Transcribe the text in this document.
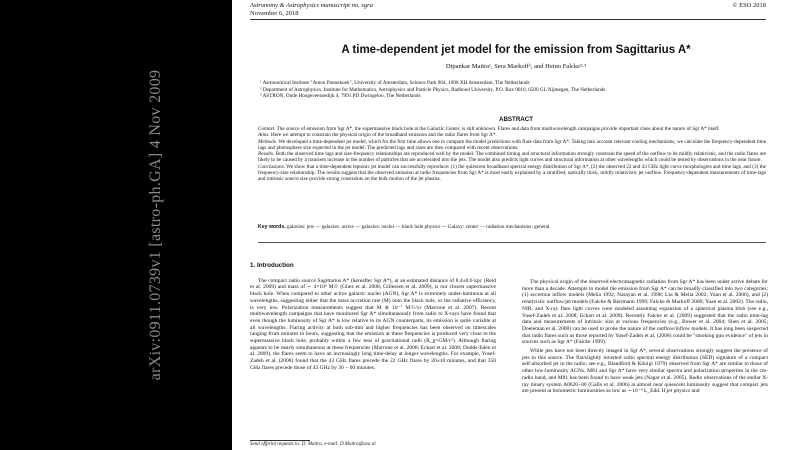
arXiv:0911.0739v1 [astro-ph.GA] 4 Nov 2009
Astronomy & Astrophysics manuscript no. sgra
November 6, 2018
© ESO 2018
A time-dependent jet model for the emission from Sagittarius A*
Dipankar Maitra¹, Sera Markoff¹, and Heino Falcke²·³
¹ Astronomical Institute "Anton Pannekoek", University of Amsterdam, Science Park 904, 1098 XH Amsterdam, The Netherlands
² Department of Astrophysics, Institute for Mathematics, Astrophysics and Particle Physics, Radboud University, P.O. Box 9010, 6500 GL Nijmegen, The Netherlands
³ ASTRON, Oude Hoogeveensedijk 4, 7991 PD Dwingeloo, The Netherlands
ABSTRACT

Context. The source of emission from Sgr A*, the supermassive black hole at the Galactic Center, is still unknown. Flares and data from multiwavelength campaigns provide important clues about the nature of Sgr A* itself.

Aims. Here we attempt to constrain the physical origin of the broadband emission and the radio flares from Sgr A*.

Methods. We developed a time-dependent jet model, which for the first time allows one to compare the model predictions with flare data from Sgr A*. Taking into account relevant cooling mechanisms, we calculate the frequency-dependent time lags and photosphere size expected in the jet model. The predicted lags and sizes are then compared with recent observations.

Results. Both the observed time lags and size-frequency relationships are reproduced well by the model. The combined timing and structural information strongly constrain the speed of the outflow to be mildly relativistic, and the radio flares are likely to be caused by a transient increase in the number of particles that are accelerated into the jets. The model also predicts light curves and structural information at other wavelengths which could be tested by observations in the near future.

Conclusions. We show that a time-dependent leptonic jet model can successfully reproduce: (1) the quiescent broadband spectral energy distribution of Sgr A*, (2) the observed 22 and 43 GHz light curve morphologies and time lags, and (3) the frequency-size relationship. The results suggest that the observed emission at radio frequencies from Sgr A* is most easily explained by a stratified, optically thick, mildly relativistic jet outflow. Frequency-dependent measurements of time-lags and intrinsic source size provide strong constraints on the bulk motion of the jet plasma.

Key words. galaxies: jets — galaxies: active — galaxies: nuclei — black hole physics — Galaxy: center — radiation mechanisms: general
1. Introduction

The compact radio source Sagittarius A* (hereafter Sgr A*), at an estimated distance of 8.4±0.6 kpc (Reid et al. 2009) and mass of ∼ 4×10⁶ M☉ (Ghez et al. 2008; Gillessen et al. 2009), is our closest supermassive black hole. When compared to other active galactic nuclei (AGN), Sgr A* is extremely under-luminous at all wavelengths, suggesting either that the mass accretion rate (Ṁ) onto the black hole, or the radiative efficiency, is very low. Polarization measurements suggest that Ṁ ≲ 10⁻⁷ M☉/yr (Marrone et al. 2007). Recent multiwavelength campaigns that have monitored Sgr A* simultaneously from radio to X-rays have found that even though the luminosity of Sgr A* is low relative to its AGN counterparts, its emission is quite variable at all wavelengths. Flaring activity at both sub-mm and higher frequencies has been observed on timescales ranging from minutes to hours, suggesting that the emission at these frequencies is produced very close to the supermassive black hole, probably within a few tens of gravitational radii (R_g=GM/c²). Although flaring appears to be nearly simultaneous at these frequencies (Marrone et al. 2008; Eckart et al. 2008; Dodds-Eden et al. 2009), the flares seem to have an increasingly long time-delay at longer wavelengths. For example, Yusef-Zadeh et al. (2008) found that the 43 GHz flares precede the 22 GHz flares by 20±10 minutes, and that 350 GHz flares precede those of 43 GHz by 30 − 60 minutes.

The physical origin of the observed electromagnetic radiation from Sgr A* has been under active debate for more than a decade. Attempts to model the emission from Sgr A* can be broadly classified into two categories: (1) accretion inflow models (Melia 1992; Narayan et al. 1998; Liu & Melia 2002; Yuan et al. 2006), and (2) relativistic outflow/jet models (Falcke & Biermann 1999; Falcke & Markoff 2000; Yuan et al. 2002). The radio, NIR, and X-ray flare light curves were modeled assuming expansion of a spherical plasma blob (see e.g., Yusef-Zadeh et al. 2008; Eckart et al. 2009). Recently Falcke et al. (2009) suggested that the radio time-lag data and measurements of intrinsic size at various frequencies (e.g., Bower et al. 2004; Shen et al. 2005; Doeleman et al. 2008) can be used to probe the nature of the outflow/inflow models. It has long been suspected that radio flares such as those reported by Yusef-Zadeh et al. (2008) could be "smoking gun evidence" of jets in sources such as Sgr A* (Falcke 1999).

While jets have not been directly imaged in Sgr A*, several observations strongly suggest the presence of jets in this source. The flat/slightly inverted radio spectral energy distribution (SED) signature of a compact self-absorbed jet in the radio; see e.g., Blandford & Königl 1979) observed from Sgr A* are similar to those of other low-luminosity AGNs. M81 and Sgr A* have very similar spectra and polarization properties in the cm-radio band, and M81 has been found to have weak jets (Nagar et al. 2005). Radio observations of the stellar X-ray binary system A0620−00 (Gallo et al. 2006) at almost near quiescent luminosity suggest that compact jets are present at bolometric luminosities as low as ∼10⁻⁹ L_Edd. If jet physics and

Send offprint requests to: D. Maitra, e-mail: D.Maitra@uva.nl
